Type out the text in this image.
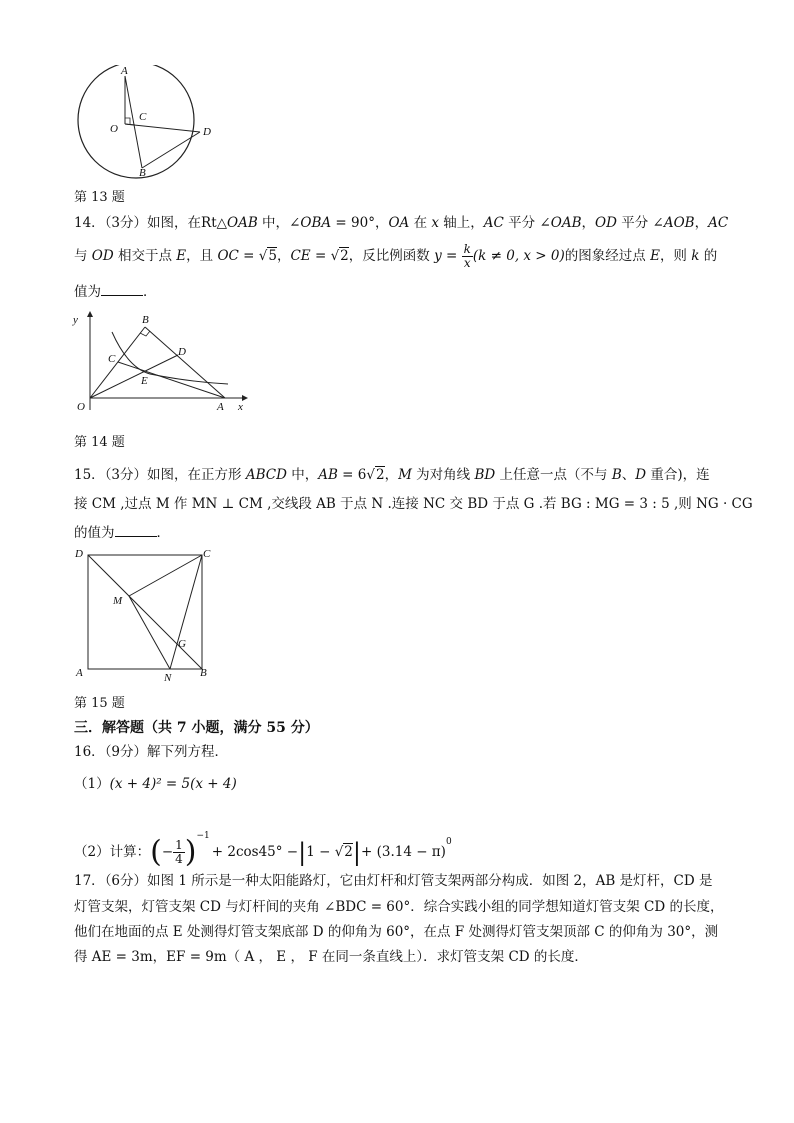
A
C
O	D
B
第 13 题
14．（3分）如图，在Rt△OAB 中，∠OBA = 90°，OA 在 x 轴上，AC 平分 ∠OAB，OD 平分 ∠AOB，AC
与 OD 相交于点 E，且 OC = √5，CE = √2，反比例函数 $y = \frac{k}{x} (k \ne 0$, x > 0)的图象经过点 E，则 k 的
值为	．
y	B
C
D
E
O	A x
第 14 题
15．（3分）如图，在正方形 ABCD 中，AB = 6√2，M 为对角线 BD 上任意一点（不与 B、D 重合)，连
接 CM ,过点 M 作 MN ⊥ CM ,交线段 AB 于点 N .连接 NC 交 BD 于点 G .若 BG : MG = 3 : 5 ,则 NG · CG
的值为	．
D	C
M
G
A	N	B
第 15 题
三．解答题（共 7 小题，满分 55 分）
16．（9分）解下列方程．
（1）(x + 4)² = 5(x + 4)
（2）计算：(− $\frac{1}{4} )^{-1}+ 2\cos 45^\circ -|1 - √2|+ (3.14 - \pi)^0$
17．（6分）如图 1 所示是一种太阳能路灯，它由灯杆和灯管支架两部分构成．如图 2，AB 是灯杆，CD 是
灯管支架，灯管支架 CD 与灯杆间的夹角 ∠BDC = 60°．综合实践小组的同学想知道灯管支架 CD 的长度，
他们在地面的点 E 处测得灯管支架底部 D 的仰角为 60°，在点 F 处测得灯管支架顶部 C 的仰角为 30°，测
得 AE = 3m，EF = 9m（ A ， E ， F 在同一条直线上）．求灯管支架 CD 的长度．
